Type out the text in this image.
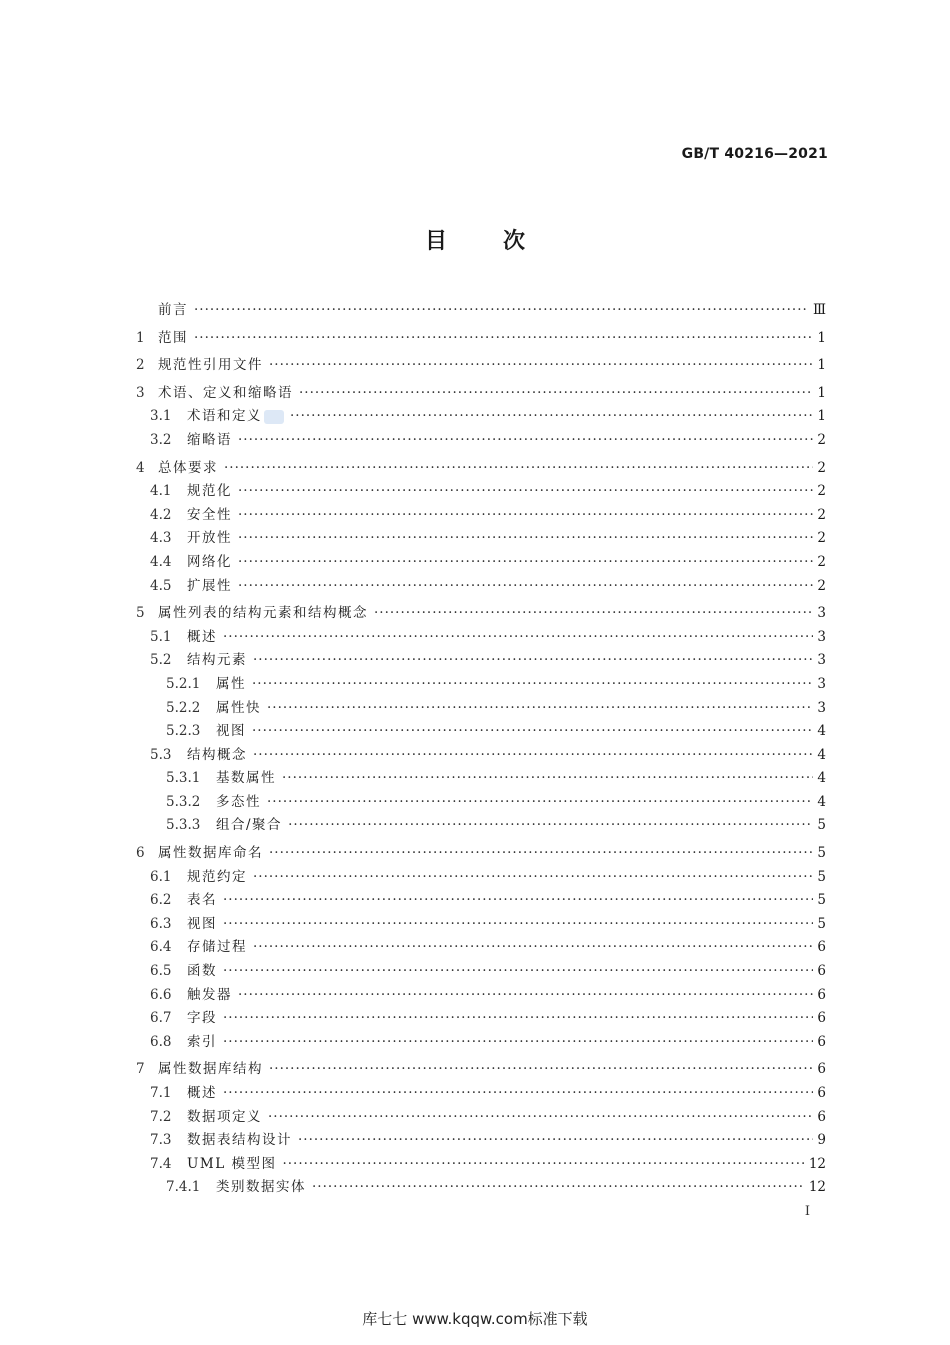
GB/T 40216—2021
目次
前言 ·····	Ⅲ
1 范围 ·····	1
2 规范性引用文件 ·····	1
3 术语、定义和缩略语 ·····	1
3.1	术语和定义 ·····	1
3.2	缩略语 ·····	2
4 总体要求 ·····	2
4.1	规范化 ·····	2
4.2	安全性 ·····	2
4.3	开放性 ·····	2
4.4	网络化 ·····	2
4.5	扩展性 ·····	2
5 属性列表的结构元素和结构概念 ·····	3
5.1	概述 ·····	3
5.2	结构元素 ·····	3
5.2.1	属性 ·····	3
5.2.2	属性快 ·····	3
5.2.3	视图 ·····	4
5.3	结构概念 ·····	4
5.3.1	基数属性 ·····	4
5.3.2	多态性 ·····	4
5.3.3	组合/聚合 ·····	5
6 属性数据库命名 ·····	5
6.1	规范约定 ·····	5
6.2	表名 ·····	5
6.3	视图 ·····	5
6.4	存储过程 ·····	6
6.5	函数 ·····	6
6.6	触发器 ·····	6
6.7	字段 ·····	6
6.8	索引 ·····	6
7 属性数据库结构 ·····	6
7.1	概述 ·····	6
7.2	数据项定义 ·····	6
7.3	数据表结构设计 ·····	9
7.4	UML 模型图 ·····	12
7.4.1	类别数据实体 ·····	12
I
库七七 www.kqqw.com标准下载
